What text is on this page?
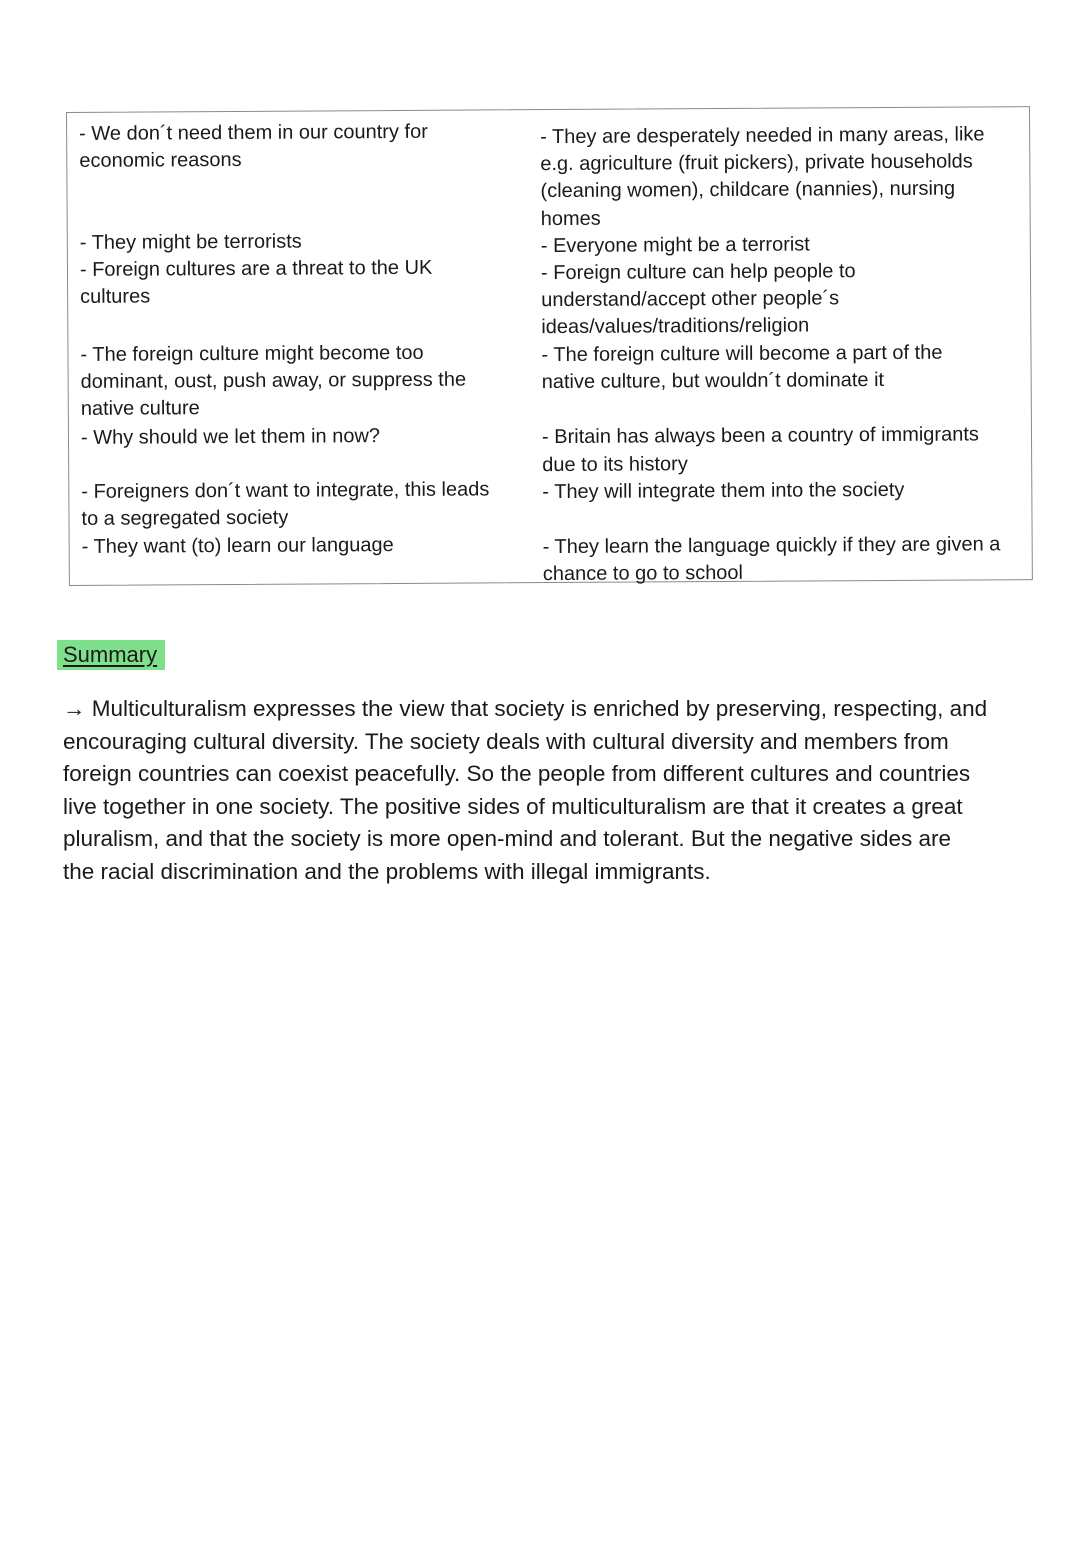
- We don´t need them in our country for

economic reasons

- They might be terrorists

- Foreign cultures are a threat to the UK

cultures

- The foreign culture might become too

dominant, oust, push away, or suppress the

native culture

- Why should we let them in now?

- Foreigners don´t want to integrate, this leads

to a segregated society

- They want (to) learn our language

- They are desperately needed in many areas, like

e.g. agriculture (fruit pickers), private households

(cleaning women), childcare (nannies), nursing

homes

- Everyone might be a terrorist

- Foreign culture can help people to

understand/accept other people´s

ideas/values/traditions/religion

- The foreign culture will become a part of the

native culture, but wouldn´t dominate it

- Britain has always been a country of immigrants

due to its history

- They will integrate them into the society

- They learn the language quickly if they are given a

chance to go to school

Summary

→ Multiculturalism expresses the view that society is enriched by preserving, respecting, and
encouraging cultural diversity. The society deals with cultural diversity and members from
foreign countries can coexist peacefully. So the people from different cultures and countries
live together in one society. The positive sides of multiculturalism are that it creates a great
pluralism, and that the society is more open-mind and tolerant. But the negative sides are
the racial discrimination and the problems with illegal immigrants.
